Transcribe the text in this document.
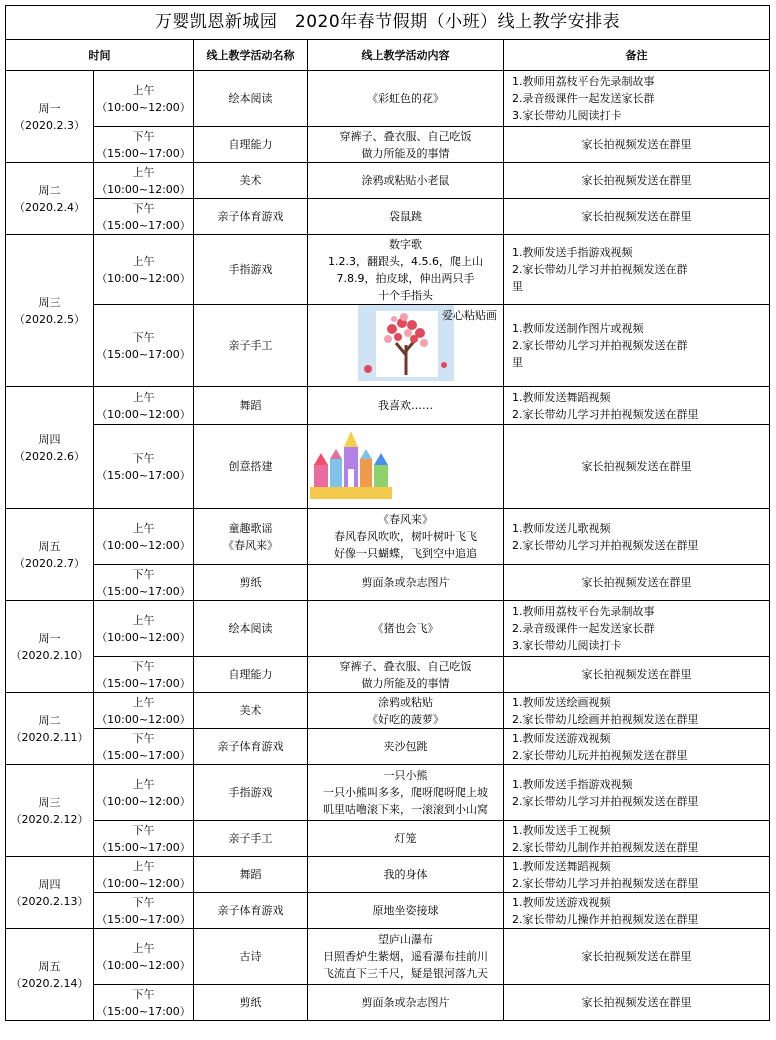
万婴凯恩新城园　2020年春节假期（小班）线上教学安排表				
时间		线上教学活动名称	线上教学活动内容	备注

周一
（2020.2.3）	上午
（10:00~12:00）	绘本阅读	《彩虹色的花》	1.教师用荔枝平台先录制故事
2.录音级课件一起发送家长群
3.家长带幼儿阅读打卡

	下午
（15:00~17:00）	自理能力	穿裤子、叠衣服、自己吃饭
做力所能及的事情	家长拍视频发送在群里

周二
（2020.2.4）	上午
（10:00~12:00）	美术	涂鸦或粘贴小老鼠	家长拍视频发送在群里

	下午
（15:00~17:00）	亲子体育游戏	袋鼠跳	家长拍视频发送在群里

周三
（2020.2.5）	上午
（10:00~12:00）	手指游戏	数字歌
1.2.3，翻跟头，4.5.6，爬上山
7.8.9，拍皮球，伸出两只手
十个手指头	1.教师发送手指游戏视频
2.家长带幼儿学习并拍视频发送在群
里

	下午
（15:00~17:00）	亲子手工	爱心粘贴画	1.教师发送制作图片或视频
2.家长带幼儿学习并拍视频发送在群
里

周四
（2020.2.6）	上午
（10:00~12:00）	舞蹈	我喜欢……	1.教师发送舞蹈视频
2.家长带幼儿学习并拍视频发送在群里

	下午
（15:00~17:00）	创意搭建		家长拍视频发送在群里

周五
（2020.2.7）	上午
（10:00~12:00）	童趣歌谣
《春风来》	《春风来》
春风春风吹吹，树叶树叶飞飞
好像一只蝴蝶，飞到空中追追	1.教师发送儿歌视频
2.家长带幼儿学习并拍视频发送在群里

	下午
（15:00~17:00）	剪纸	剪面条或杂志图片	家长拍视频发送在群里

周一
（2020.2.10）	上午
（10:00~12:00）	绘本阅读	《猪也会飞》	1.教师用荔枝平台先录制故事
2.录音级课件一起发送家长群
3.家长带幼儿阅读打卡

	下午
（15:00~17:00）	自理能力	穿裤子、叠衣服、自己吃饭
做力所能及的事情	家长拍视频发送在群里

周二
（2020.2.11）	上午
（10:00~12:00）	美术	涂鸦或粘贴
《好吃的菠萝》	1.教师发送绘画视频
2.家长带幼儿绘画并拍视频发送在群里

	下午
（15:00~17:00）	亲子体育游戏	夹沙包跳	1.教师发送游戏视频
2.家长带幼儿玩并拍视频发送在群里

周三
（2020.2.12）	上午
（10:00~12:00）	手指游戏	一只小熊
一只小熊叫多多，爬呀爬呀爬上坡
叽里咕噜滚下来，一滚滚到小山窝	1.教师发送手指游戏视频
2.家长带幼儿学习并拍视频发送在群里

	下午
（15:00~17:00）	亲子手工	灯笼	1.教师发送手工视频
2.家长带幼儿制作并拍视频发送在群里

周四
（2020.2.13）	上午
（10:00~12:00）	舞蹈	我的身体	1.教师发送舞蹈视频
2.家长带幼儿学习并拍视频发送在群里

	下午
（15:00~17:00）	亲子体育游戏	原地坐姿接球	1.教师发送游戏视频
2.家长带幼儿操作并拍视频发送在群里

周五
（2020.2.14）	上午
（10:00~12:00）	古诗	望庐山瀑布
日照香炉生紫烟，遥看瀑布挂前川
飞流直下三千尺，疑是银河落九天	家长拍视频发送在群里

	下午
（15:00~17:00）	剪纸	剪面条或杂志图片	家长拍视频发送在群里
